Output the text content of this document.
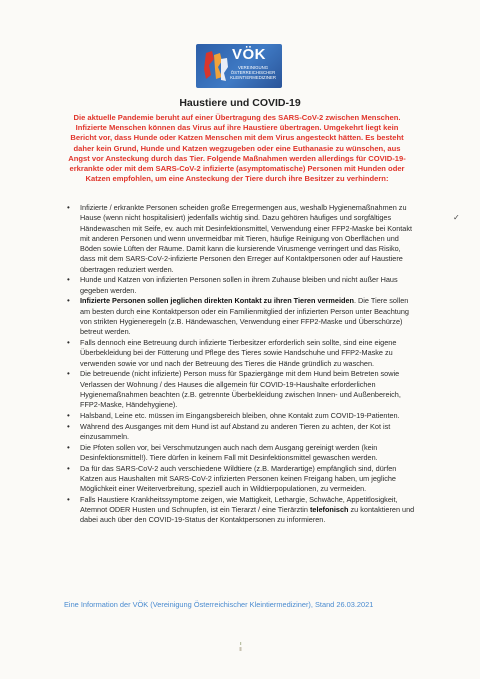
VÖK
VEREINIGUNG ÖSTERREICHISCHER KLEINTIERMEDIZINER
Haustiere und COVID-19

Die aktuelle Pandemie beruht auf einer Übertragung des SARS-CoV-2 zwischen Menschen. Infizierte Menschen können das Virus auf ihre Haustiere übertragen. Umgekehrt liegt kein Bericht vor, dass Hunde oder Katzen Menschen mit dem Virus angesteckt hätten. Es besteht daher kein Grund, Hunde und Katzen wegzugeben oder eine Euthanasie zu wünschen, aus Angst vor Ansteckung durch das Tier. Folgende Maßnahmen werden allerdings für COVID-19-erkrankte oder mit dem SARS-CoV-2 infizierte (asymptomatische) Personen mit Hunden oder Katzen empfohlen, um eine Ansteckung der Tiere durch ihre Besitzer zu verhindern:

✓
• Infizierte / erkrankte Personen scheiden große Erregermengen aus, weshalb Hygienemaßnahmen zu Hause (wenn nicht hospitalisiert) jedenfalls wichtig sind. Dazu gehören häufiges und sorgfältiges Händewaschen mit Seife, ev. auch mit Desinfektionsmittel, Verwendung einer FFP2-Maske bei Kontakt mit anderen Personen und wenn unvermeidbar mit Tieren, häufige Reinigung von Oberflächen und Böden sowie Lüften der Räume. Damit kann die kursierende Virusmenge verringert und das Risiko, dass mit dem SARS-CoV-2-infizierte Personen den Erreger auf Kontaktpersonen oder auf Haustiere übertragen reduziert werden.
• Hunde und Katzen von infizierten Personen sollen in ihrem Zuhause bleiben und nicht außer Haus gegeben werden.
• Infizierte Personen sollen jeglichen direkten Kontakt zu ihren Tieren vermeiden. Die Tiere sollen am besten durch eine Kontaktperson oder ein Familienmitglied der infizierten Person unter Beachtung von strikten Hygieneregeln (z.B. Händewaschen, Verwendung einer FFP2-Maske und Überschürze) betreut werden.
• Falls dennoch eine Betreuung durch infizierte Tierbesitzer erforderlich sein sollte, sind eine eigene Überbekleidung bei der Fütterung und Pflege des Tieres sowie Handschuhe und FFP2-Maske zu verwenden sowie vor und nach der Betreuung des Tieres die Hände gründlich zu waschen.
• Die betreuende (nicht infizierte) Person muss für Spaziergänge mit dem Hund beim Betreten sowie Verlassen der Wohnung / des Hauses die allgemein für COVID-19-Haushalte erforderlichen Hygienemaßnahmen beachten (z.B. getrennte Überbekleidung zwischen Innen- und Außenbereich, FFP2-Maske, Händehygiene).
• Halsband, Leine etc. müssen im Eingangsbereich bleiben, ohne Kontakt zum COVID-19-Patienten.
• Während des Ausganges mit dem Hund ist auf Abstand zu anderen Tieren zu achten, der Kot ist einzusammeln.
• Die Pfoten sollen vor, bei Verschmutzungen auch nach dem Ausgang gereinigt werden (kein Desinfektionsmittel!). Tiere dürfen in keinem Fall mit Desinfektionsmittel gewaschen werden.
• Da für das SARS-CoV-2 auch verschiedene Wildtiere (z.B. Marderartige) empfänglich sind, dürfen Katzen aus Haushalten mit SARS-CoV-2 infizierten Personen keinen Freigang haben, um jegliche Möglichkeit einer Weiterverbreitung, speziell auch in Wildtierpopulationen, zu vermeiden.
• Falls Haustiere Krankheitssymptome zeigen, wie Mattigkeit, Lethargie, Schwäche, Appetitlosigkeit, Atemnot ODER Husten und Schnupfen, ist ein Tierarzt / eine Tierärztin telefonisch zu kontaktieren und dabei auch über den COVID-19-Status der Kontaktpersonen zu informieren.
Eine Information der VÖK (Vereinigung Österreichischer Kleintiermediziner), Stand 26.03.2021
